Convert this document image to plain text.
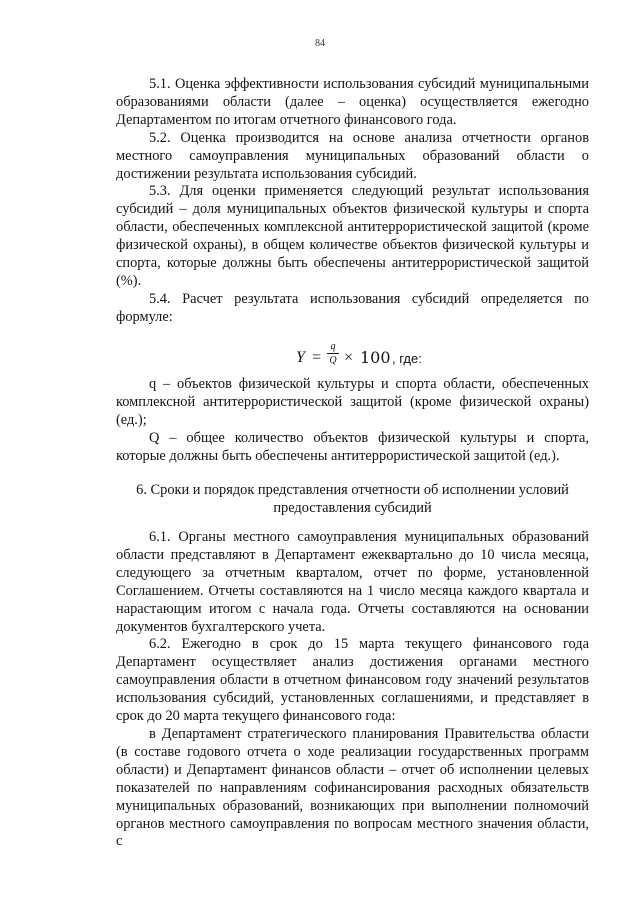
84

5.1. Оценка эффективности использования субсидий муниципальными образованиями области (далее – оценка) осуществляется ежегодно Департаментом по итогам отчетного финансового года.

5.2. Оценка производится на основе анализа отчетности органов местного самоуправления муниципальных образований области о достижении результата использования субсидий.

5.3. Для оценки применяется следующий результат использования субсидий – доля муниципальных объектов физической культуры и спорта области, обеспеченных комплексной антитеррористической защитой (кроме физической охраны), в общем количестве объектов физической культуры и спорта, которые должны быть обеспечены антитеррористической защитой (%).

5.4. Расчет результата использования субсидий определяется по формуле:

Y =
q
Q × 100 , где:

q – объектов физической культуры и спорта области, обеспеченных комплексной антитеррористической защитой (кроме физической охраны) (ед.);

Q – общее количество объектов физической культуры и спорта, которые должны быть обеспечены антитеррористической защитой (ед.).

6. Сроки и порядок представления отчетности об исполнении условий предоставления субсидий

6.1. Органы местного самоуправления муниципальных образований области представляют в Департамент ежеквартально до 10 числа месяца, следующего за отчетным кварталом, отчет по форме, установленной Соглашением. Отчеты составляются на 1 число месяца каждого квартала и нарастающим итогом с начала года. Отчеты составляются на основании документов бухгалтерского учета.

6.2. Ежегодно в срок до 15 марта текущего финансового года Департамент осуществляет анализ достижения органами местного самоуправления области в отчетном финансовом году значений результатов использования субсидий, установленных соглашениями, и представляет в срок до 20 марта текущего финансового года:

в Департамент стратегического планирования Правительства области (в составе годового отчета о ходе реализации государственных программ области) и Департамент финансов области – отчет об исполнении целевых показателей по направлениям софинансирования расходных обязательств муниципальных образований, возникающих при выполнении полномочий органов местного самоуправления по вопросам местного значения области, с
